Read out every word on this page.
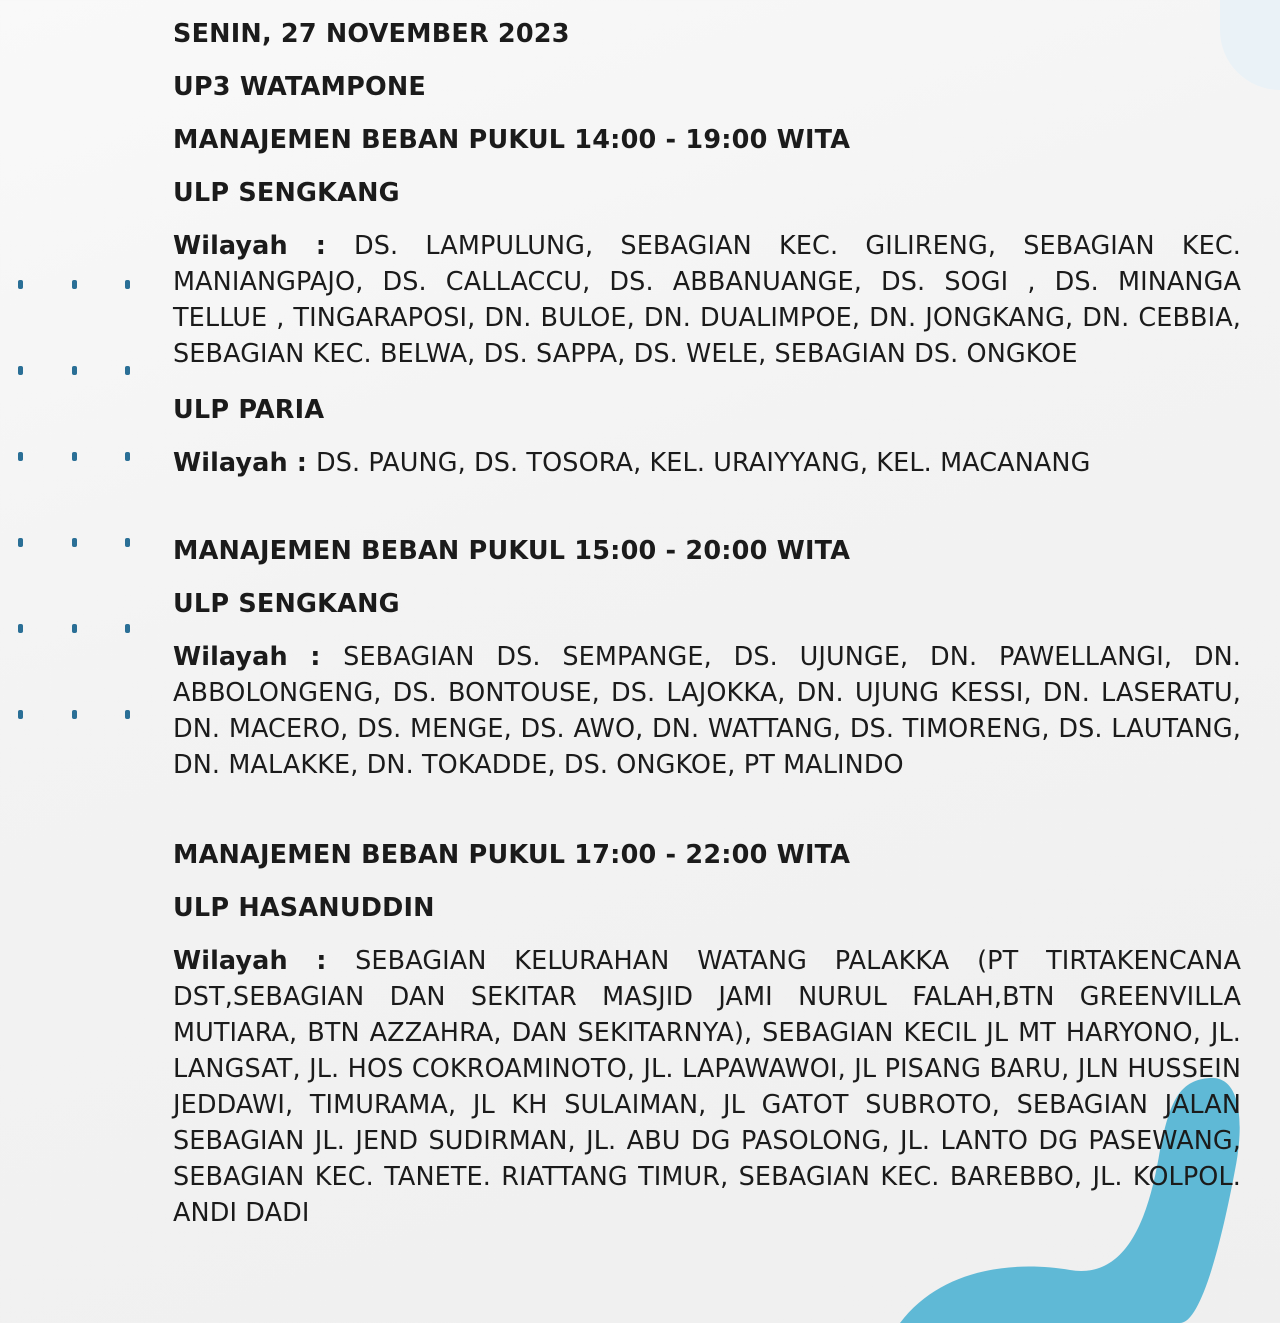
SENIN, 27 NOVEMBER 2023

UP3 WATAMPONE

MANAJEMEN BEBAN PUKUL 14:00 - 19:00 WITA

ULP SENGKANG

Wilayah : DS. LAMPULUNG, SEBAGIAN KEC. GILIRENG, SEBAGIAN KEC. MANIANGPAJO, DS. CALLACCU, DS. ABBANUANGE, DS. SOGI , DS. MINANGA TELLUE , TINGARAPOSI, DN. BULOE, DN. DUALIMPOE, DN. JONGKANG, DN. CEBBIA, SEBAGIAN KEC. BELWA, DS. SAPPA, DS. WELE, SEBAGIAN DS. ONGKOE

ULP PARIA

Wilayah : DS. PAUNG, DS. TOSORA, KEL. URAIYYANG, KEL. MACANANG

MANAJEMEN BEBAN PUKUL 15:00 - 20:00 WITA

ULP SENGKANG

Wilayah : SEBAGIAN DS. SEMPANGE, DS. UJUNGE, DN. PAWELLANGI, DN. ABBOLONGENG, DS. BONTOUSE, DS. LAJOKKA, DN. UJUNG KESSI, DN. LASERATU, DN. MACERO, DS. MENGE, DS. AWO, DN. WATTANG, DS. TIMORENG, DS. LAUTANG, DN. MALAKKE, DN. TOKADDE, DS. ONGKOE, PT MALINDO

MANAJEMEN BEBAN PUKUL 17:00 - 22:00 WITA

ULP HASANUDDIN

Wilayah : SEBAGIAN KELURAHAN WATANG PALAKKA (PT TIRTAKENCANA DST,SEBAGIAN DAN SEKITAR MASJID JAMI NURUL FALAH,BTN GREENVILLA MUTIARA, BTN AZZAHRA, DAN SEKITARNYA), SEBAGIAN KECIL JL MT HARYONO, JL. LANGSAT, JL. HOS COKROAMINOTO, JL. LAPAWAWOI, JL PISANG BARU, JLN HUSSEIN JEDDAWI, TIMURAMA, JL KH SULAIMAN, JL GATOT SUBROTO, SEBAGIAN JALAN SEBAGIAN JL. JEND SUDIRMAN, JL. ABU DG PASOLONG, JL. LANTO DG PASEWANG, SEBAGIAN KEC. TANETE. RIATTANG TIMUR, SEBAGIAN KEC. BAREBBO, JL. KOLPOL. ANDI DADI
